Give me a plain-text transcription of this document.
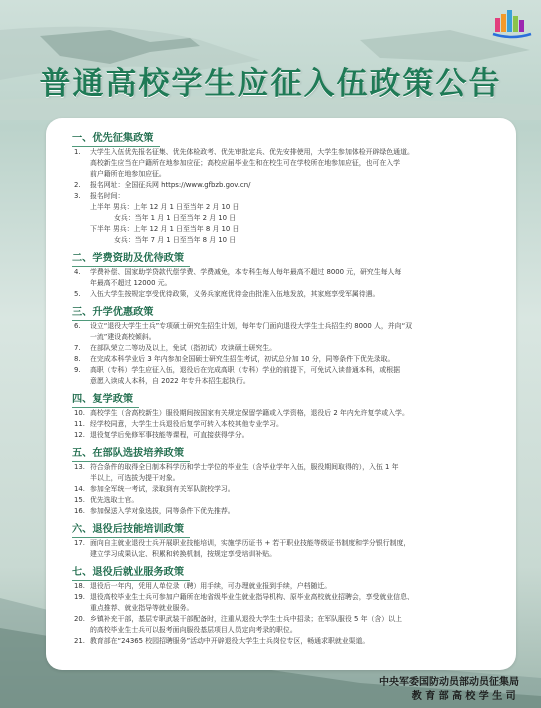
普通高校学生应征入伍政策公告
一、优先征集政策
1.	大学生入伍优先报名征集、优先体检政考、优先审批定兵、优先安排使用，大学生参加体检开辟绿色通道。
高校新生应当在户籍所在地参加应征；高校应届毕业生和在校生可在学校所在地参加应征，也可在入学
前户籍所在地参加应征。
2.	报名网址：全国征兵网 https://www.gfbzb.gov.cn/
3.	报名时间：
上半年 男兵：上年 12 月 1 日至当年 2 月 10 日
女兵：当年 1 月 1 日至当年 2 月 10 日
下半年 男兵：上年 12 月 1 日至当年 8 月 10 日
女兵：当年 7 月 1 日至当年 8 月 10 日
二、学费资助及优待政策
4.	学费补偿、国家助学贷款代偿学费、学费减免，本专科生每人每年最高不超过 8000 元，研究生每人每
年最高不超过 12000 元。
5.	入伍大学生按规定享受优待政策，义务兵家庭优待金由批准入伍地发放，其家庭享受军属待遇。
三、升学优惠政策
6.	设立“退役大学生士兵”专项硕士研究生招生计划，每年专门面向退役大学生士兵招生约 8000 人，并向“双
一流”建设高校倾斜。
7.	在部队荣立二等功及以上，免试（指初试）攻读硕士研究生。
8.	在完成本科学业后 3 年内参加全国硕士研究生招生考试，初试总分加 10 分，同等条件下优先录取。
9.	高职（专科）学生应征入伍，退役后在完成高职（专科）学业的前提下，可免试入读普通本科，或根据
意愿入读成人本科，自 2022 年专升本招生起执行。
四、复学政策
10. 高校学生（含高校新生）服役期间按国家有关规定保留学籍或入学资格，退役后 2 年内允许复学或入学。
11. 经学校同意，大学生士兵退役后复学可转入本校其他专业学习。
12. 退役复学后免修军事技能等课程，可直接获得学分。
五、在部队选拔培养政策
13. 符合条件的取得全日制本科学历和学士学位的毕业生（含毕业学年入伍，服役期间取得的），入伍 1 年
半以上，可选拔为提干对象。
14. 参加全军统一考试，录取到有关军队院校学习。
15. 优先选取士官。
16. 参加保送入学对象选拔，同等条件下优先推荐。
六、退役后技能培训政策
17. 面向自主就业退役士兵开展职业技能培训，实施学历证书 + 若干职业技能等级证书制度和学分银行制度，
建立学习成果认定、积累和转换机制，按规定享受培训补贴。
七、退役后就业服务政策
18. 退役后一年内，凭用人单位录（聘）用手续，可办理就业报到手续，户档随迁。
19. 退役高校毕业生士兵可参加户籍所在地省级毕业生就业指导机构、原毕业高校就业招聘会，享受就业信息、
重点推荐、就业指导等就业服务。
20. 乡镇补充干部，基层专职武装干部配备时，注重从退役大学生士兵中招录；在军队服役 5 年（含）以上
的高校毕业生士兵可以报考面向服役基层项目人员定向考录的职位。
21. 教育部在“24365 校园招聘服务”活动中开辟退役大学生士兵岗位专区，畅通求职就业渠道。
中央军委国防动员部动员征集局
教育部高校学生司
